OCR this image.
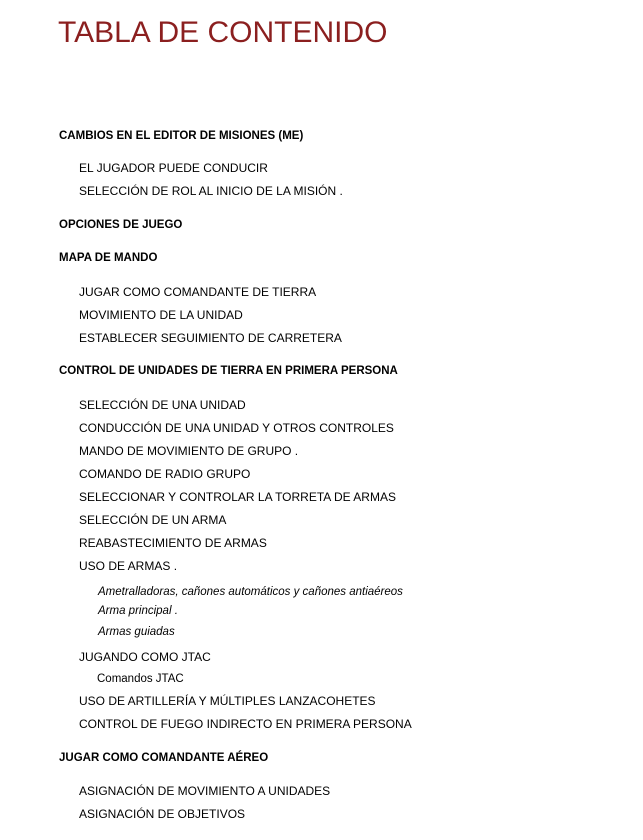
TABLA DE CONTENIDO
CAMBIOS EN EL EDITOR DE MISIONES (ME)
EL JUGADOR PUEDE CONDUCIR
SELECCIÓN DE ROL AL INICIO DE LA MISIÓN .
OPCIONES DE JUEGO
MAPA DE MANDO
JUGAR COMO COMANDANTE DE TIERRA
MOVIMIENTO DE LA UNIDAD
ESTABLECER SEGUIMIENTO DE CARRETERA
CONTROL DE UNIDADES DE TIERRA EN PRIMERA PERSONA
SELECCIÓN DE UNA UNIDAD
CONDUCCIÓN DE UNA UNIDAD Y OTROS CONTROLES
MANDO DE MOVIMIENTO DE GRUPO .
COMANDO DE RADIO GRUPO
SELECCIONAR Y CONTROLAR LA TORRETA DE ARMAS
SELECCIÓN DE UN ARMA
REABASTECIMIENTO DE ARMAS
USO DE ARMAS .
Ametralladoras, cañones automáticos y cañones antiaéreos
Arma principal .
Armas guiadas
JUGANDO COMO JTAC
Comandos JTAC
USO DE ARTILLERÍA Y MÚLTIPLES LANZACOHETES
CONTROL DE FUEGO INDIRECTO EN PRIMERA PERSONA
JUGAR COMO COMANDANTE AÉREO
ASIGNACIÓN DE MOVIMIENTO A UNIDADES
ASIGNACIÓN DE OBJETIVOS
